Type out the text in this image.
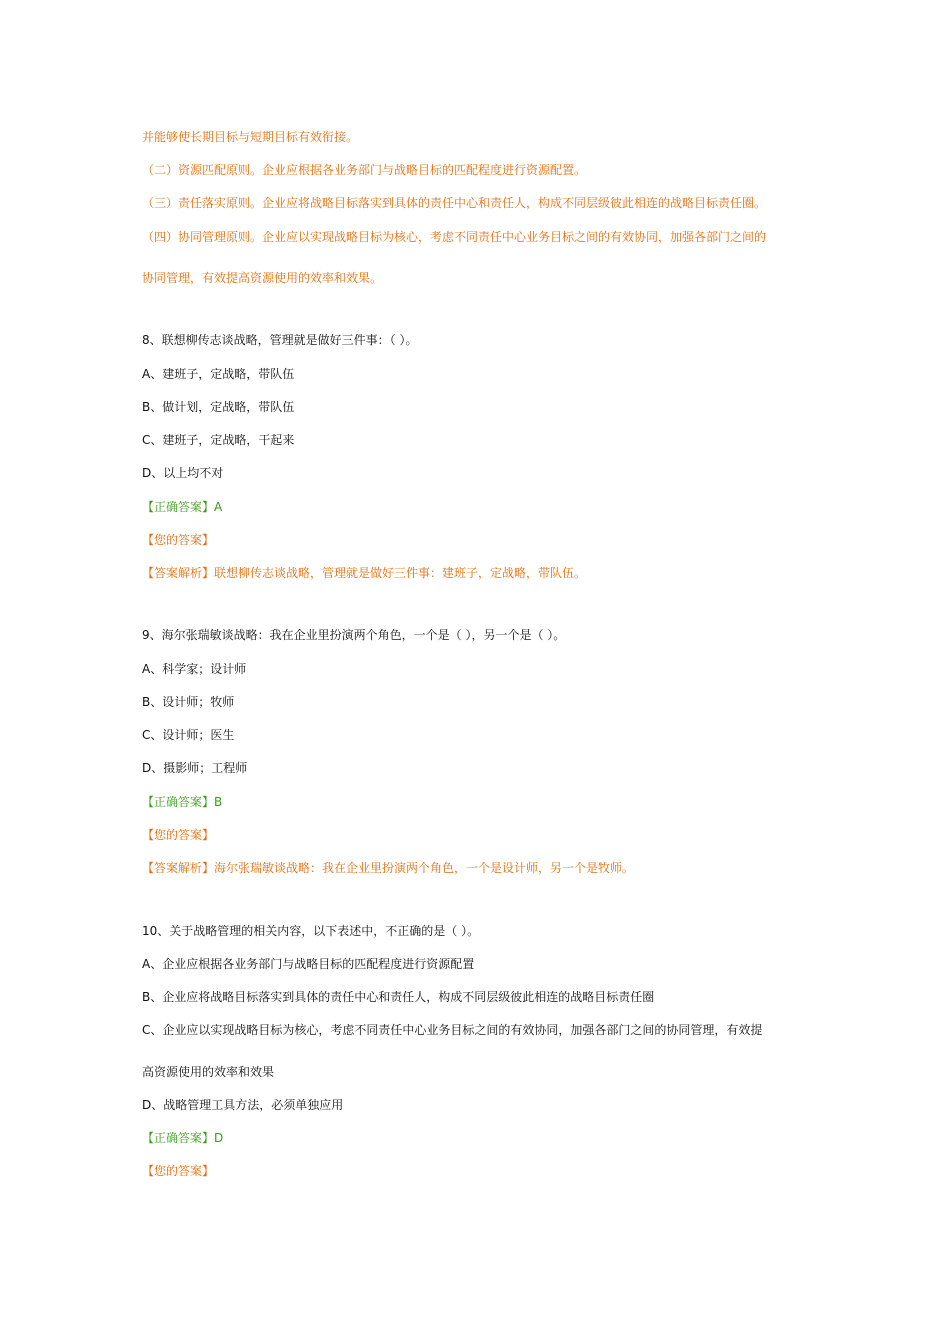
并能够使长期目标与短期目标有效衔接。
（二）资源匹配原则。企业应根据各业务部门与战略目标的匹配程度进行资源配置。
（三）责任落实原则。企业应将战略目标落实到具体的责任中心和责任人，构成不同层级彼此相连的战略目标责任圈。
（四）协同管理原则。企业应以实现战略目标为核心，考虑不同责任中心业务目标之间的有效协同，加强各部门之间的
协同管理，有效提高资源使用的效率和效果。
8、联想柳传志谈战略，管理就是做好三件事：（ ）。
A、建班子，定战略，带队伍
B、做计划，定战略，带队伍
C、建班子，定战略，干起来
D、以上均不对
【正确答案】A
【您的答案】
【答案解析】联想柳传志谈战略，管理就是做好三件事：建班子，定战略，带队伍。
9、海尔张瑞敏谈战略：我在企业里扮演两个角色，一个是（ ），另一个是（ ）。
A、科学家；设计师
B、设计师；牧师
C、设计师；医生
D、摄影师；工程师
【正确答案】B
【您的答案】
【答案解析】海尔张瑞敏谈战略：我在企业里扮演两个角色，一个是设计师，另一个是牧师。
10、关于战略管理的相关内容，以下表述中，不正确的是（ ）。
A、企业应根据各业务部门与战略目标的匹配程度进行资源配置
B、企业应将战略目标落实到具体的责任中心和责任人，构成不同层级彼此相连的战略目标责任圈
C、企业应以实现战略目标为核心，考虑不同责任中心业务目标之间的有效协同，加强各部门之间的协同管理，有效提
高资源使用的效率和效果
D、战略管理工具方法，必须单独应用
【正确答案】D
【您的答案】
